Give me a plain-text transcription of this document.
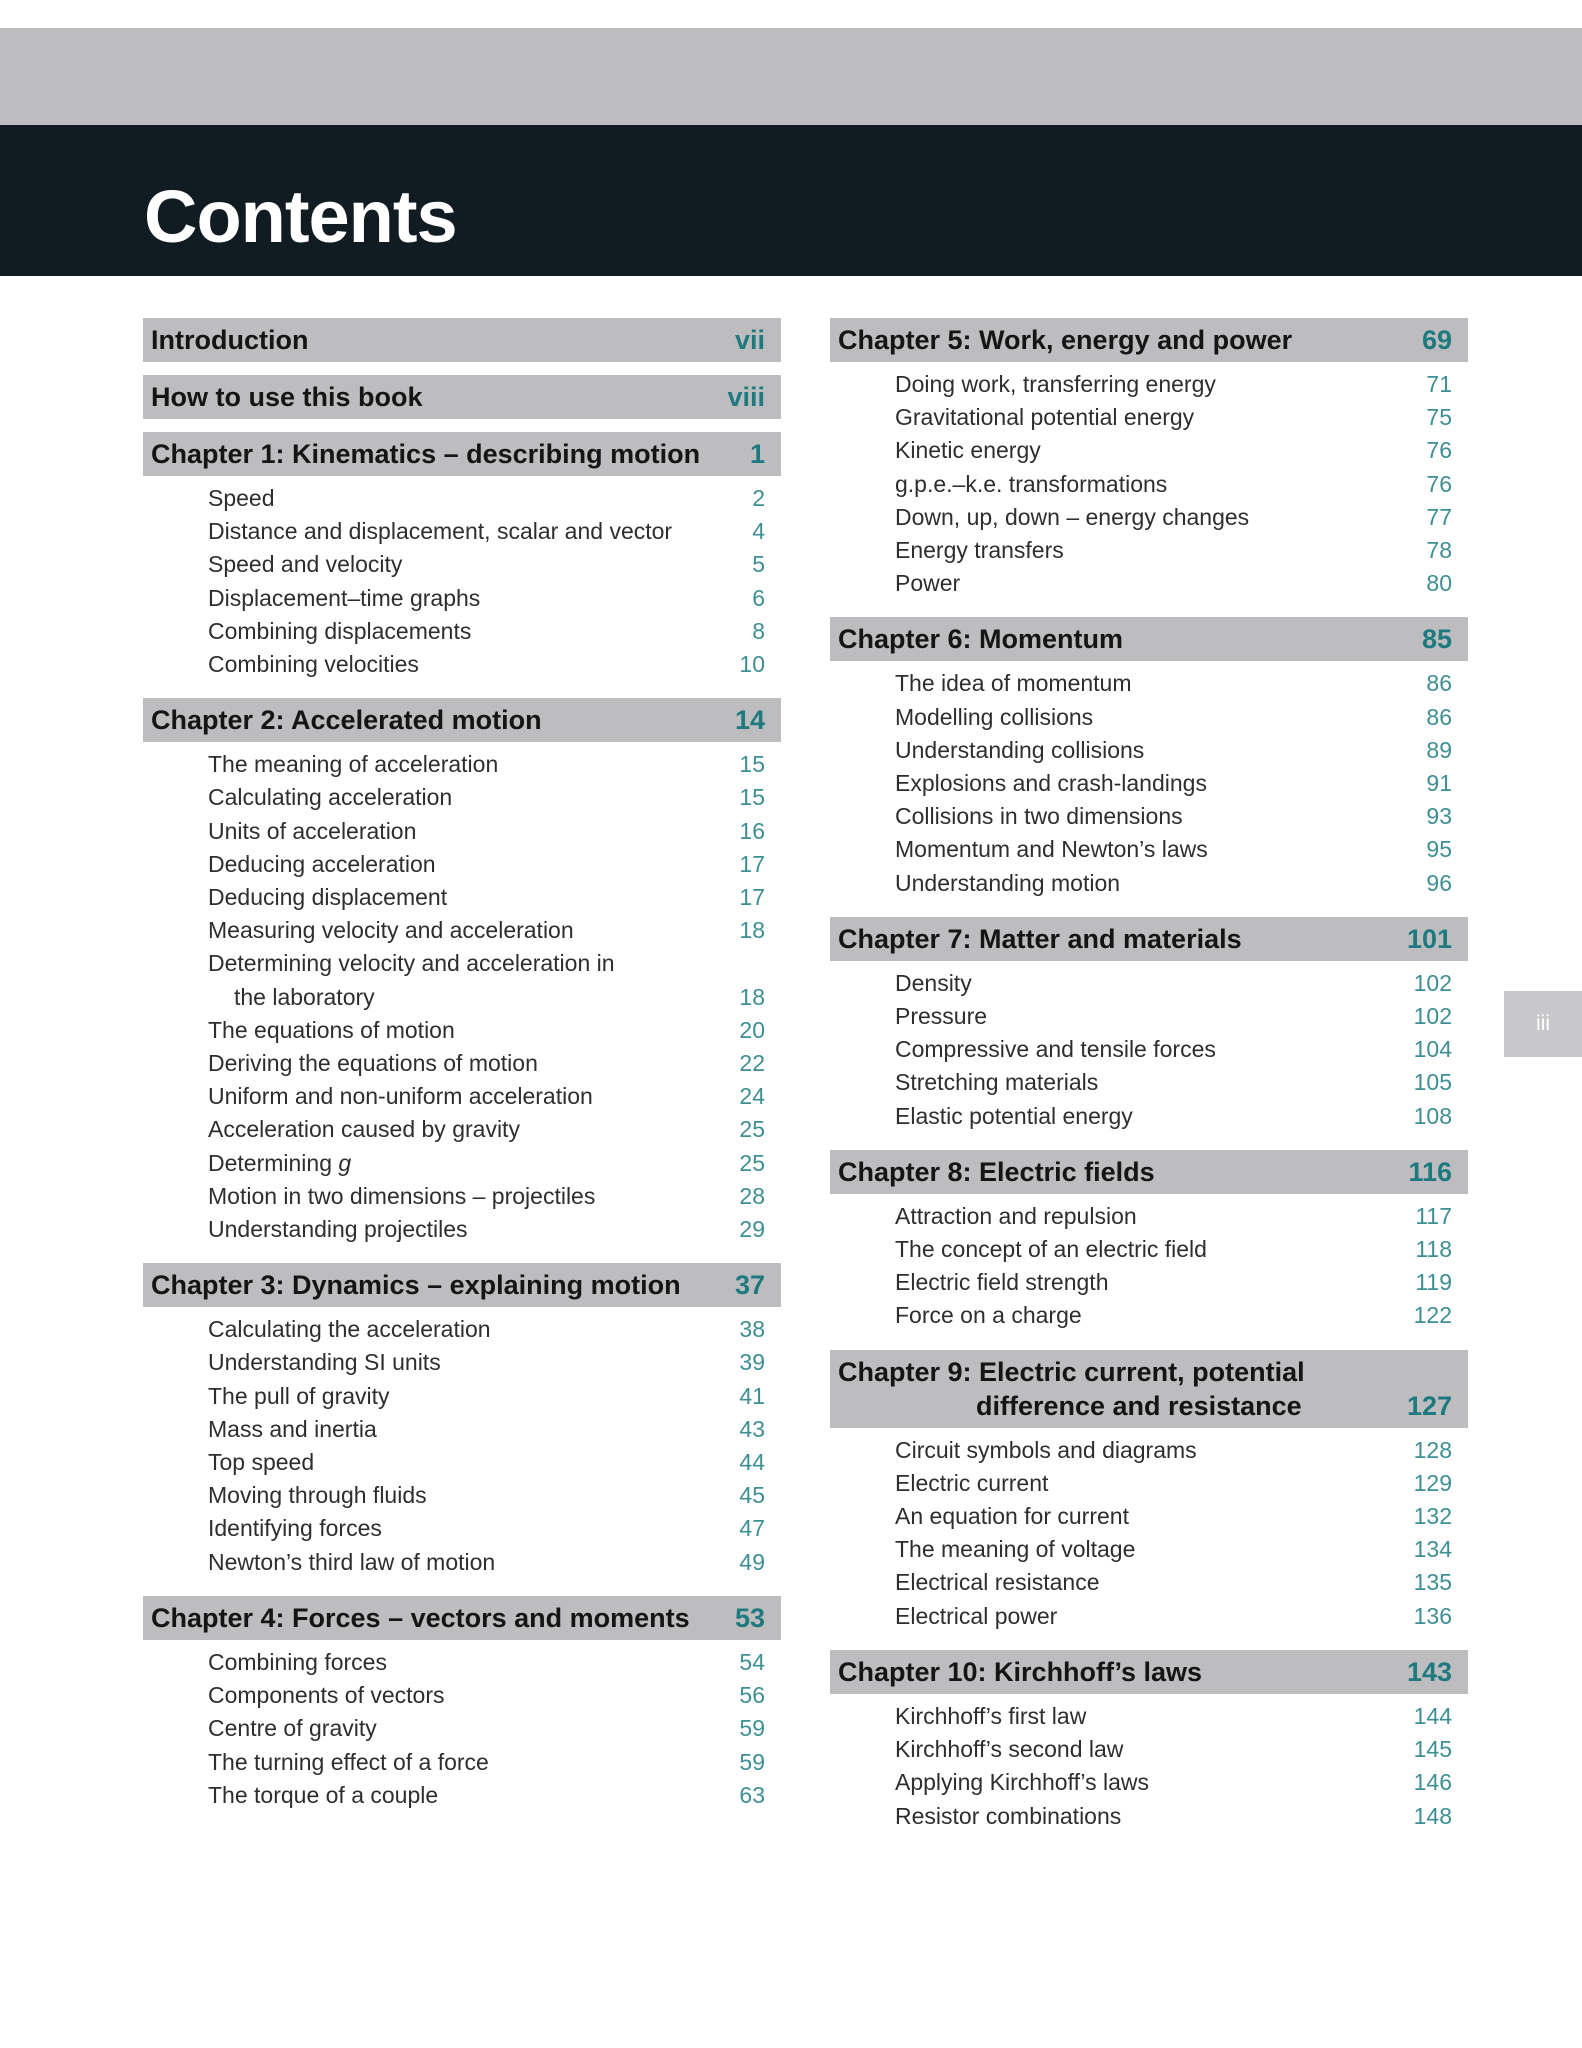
Contents
Introduction	vii
How to use this book	viii
Chapter 1: Kinematics – describing motion 1
Speed	2
Distance and displacement, scalar and vector	4
Speed and velocity	5
Displacement–time graphs	6
Combining displacements	8
Combining velocities	10
Chapter 2: Accelerated motion	14
The meaning of acceleration	15
Calculating acceleration	15
Units of acceleration	16
Deducing acceleration	17
Deducing displacement	17
Measuring velocity and acceleration	18
Determining velocity and acceleration in
the laboratory	18
The equations of motion	20
Deriving the equations of motion	22
Uniform and non-uniform acceleration	24
Acceleration caused by gravity	25
Determining g	25
Motion in two dimensions – projectiles	28
Understanding projectiles	29
Chapter 3: Dynamics – explaining motion 37
Calculating the acceleration	38
Understanding SI units	39
The pull of gravity	41
Mass and inertia	43
Top speed	44
Moving through fluids	45
Identifying forces	47
Newton’s third law of motion	49
Chapter 4: Forces – vectors and moments 53
Combining forces	54
Components of vectors	56
Centre of gravity	59
The turning effect of a force	59
The torque of a couple	63
Chapter 5: Work, energy and power	69
Doing work, transferring energy	71
Gravitational potential energy	75
Kinetic energy	76
g.p.e.–k.e. transformations	76
Down, up, down – energy changes	77
Energy transfers	78
Power	80
Chapter 6: Momentum	85
The idea of momentum	86
Modelling collisions	86
Understanding collisions	89
Explosions and crash-landings	91
Collisions in two dimensions	93
Momentum and Newton’s laws	95
Understanding motion	96
Chapter 7: Matter and materials	101
Density	102
Pressure	102
Compressive and tensile forces	104
Stretching materials	105
Elastic potential energy	108
Chapter 8: Electric fields	116
Attraction and repulsion	117
The concept of an electric field	118
Electric field strength	119
Force on a charge	122
Chapter 9: Electric current, potential
difference and resistance	127
Circuit symbols and diagrams	128
Electric current	129
An equation for current	132
The meaning of voltage	134
Electrical resistance	135
Electrical power	136
Chapter 10: Kirchhoff’s laws	143
Kirchhoff’s first law	144
Kirchhoff’s second law	145
Applying Kirchhoff’s laws	146
Resistor combinations	148
iii
